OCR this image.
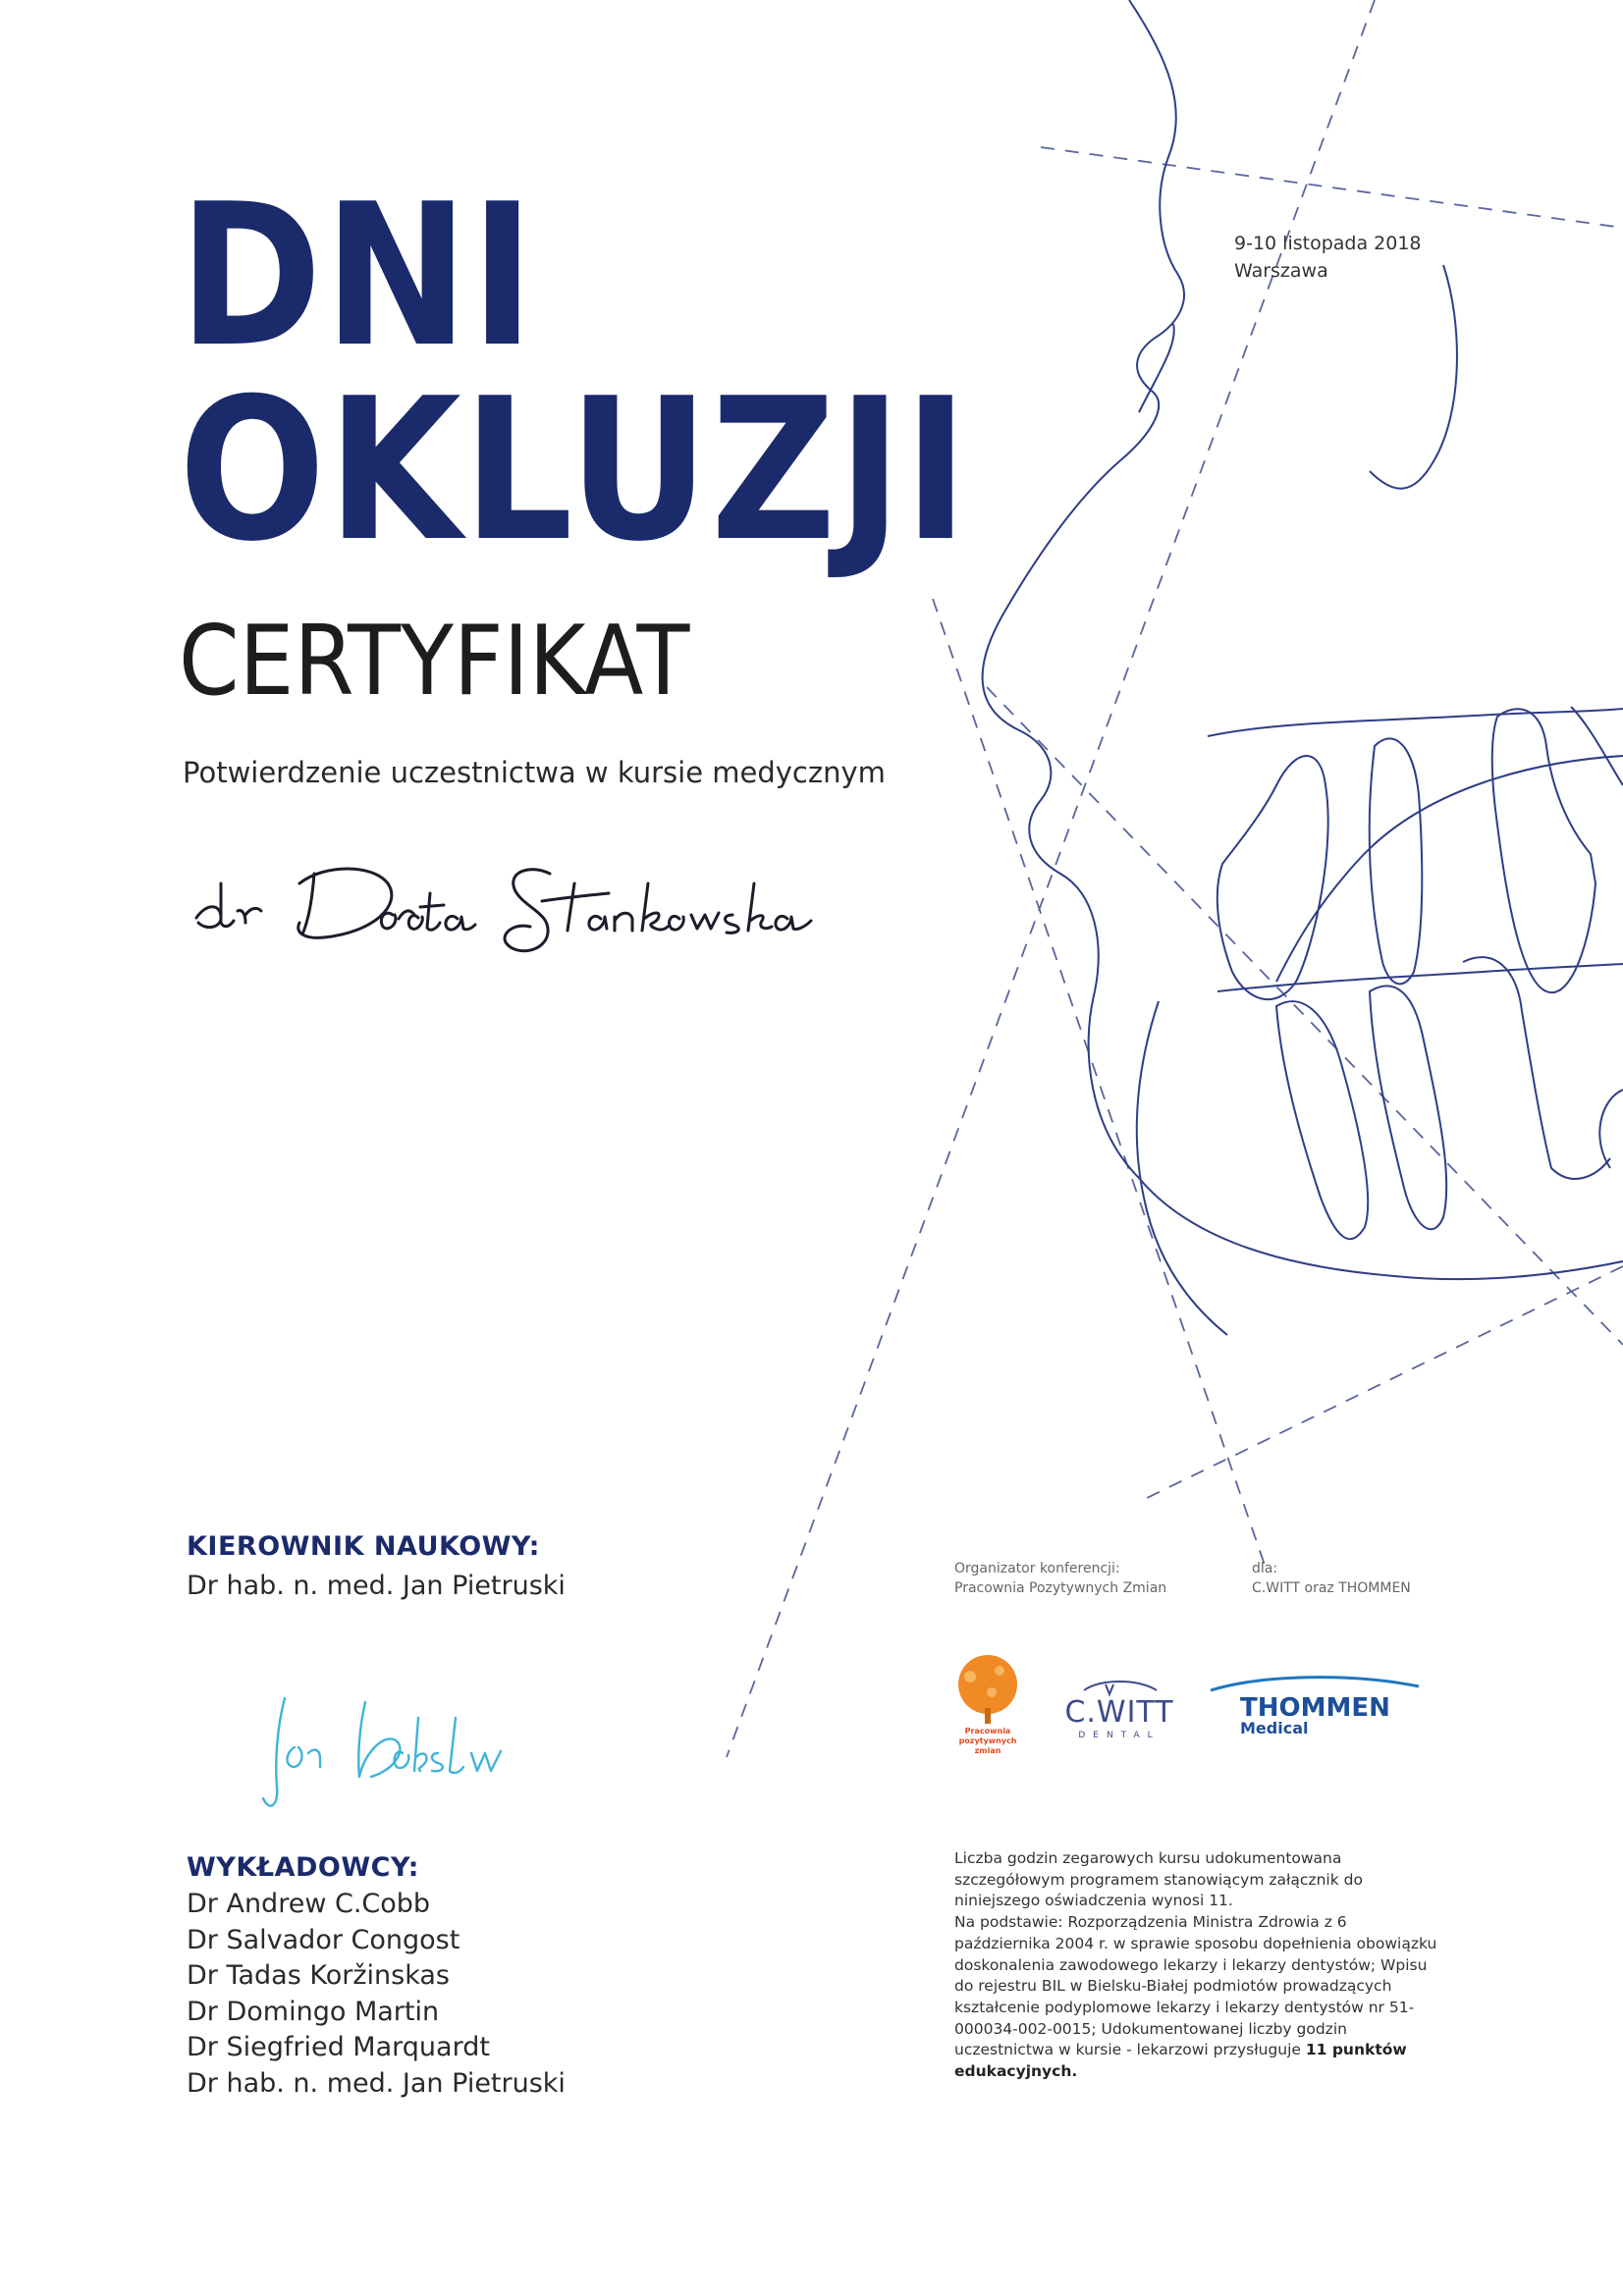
DNI
OKLUZJI
9-10 listopada 2018
Warszawa
CERTYFIKAT
Potwierdzenie uczestnictwa w kursie medycznym
KIEROWNIK NAUKOWY:
Dr hab. n. med. Jan Pietruski
WYKŁADOWCY:
Dr Andrew C.Cobb
Dr Salvador Congost
Dr Tadas Koržinskas
Dr Domingo Martin
Dr Siegfried Marquardt
Dr hab. n. med. Jan Pietruski
Organizator konferencji:
Pracownia Pozytywnych Zmian
dla:
C.WITT oraz THOMMEN
Pracownia
pozytywnych
zmian
C.WITT
DENTAL
THOMMEN
Medical

Liczba godzin zegarowych kursu udokumentowana szczegółowym programem stanowiącym załącznik do niniejszego oświadczenia wynosi 11.

Na podstawie: Rozporządzenia Ministra Zdrowia z 6 października 2004 r. w sprawie sposobu dopełnienia obowiązku doskonalenia zawodowego lekarzy i lekarzy dentystów; Wpisu do rejestru BIL w Bielsku-Białej podmiotów prowadzących kształcenie podyplomowe lekarzy i lekarzy dentystów nr 51-000034-002-0015; Udokumentowanej liczby godzin uczestnictwa w kursie - lekarzowi przysługuje 11 punktów edukacyjnych.
